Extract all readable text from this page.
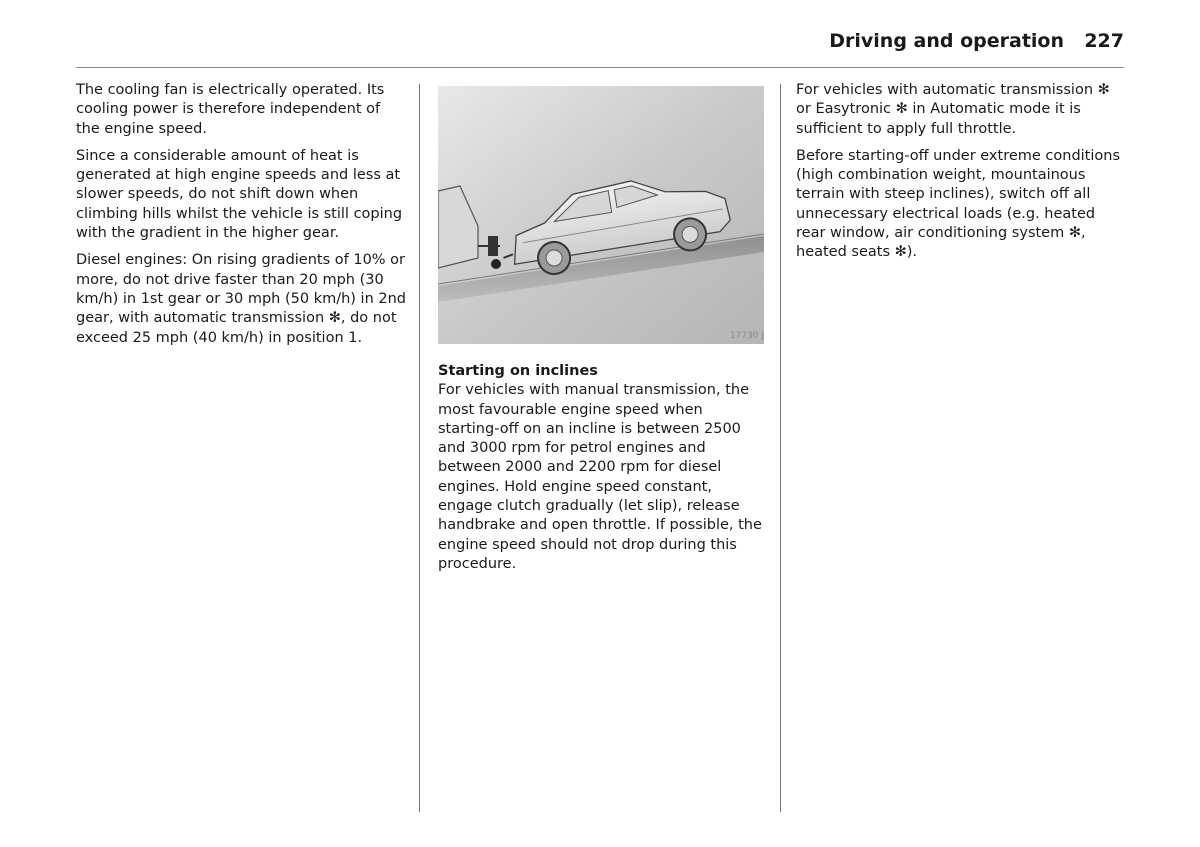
Driving and operation 227

The cooling fan is electrically operated. Its cooling power is therefore independent of the engine speed.

Since a considerable amount of heat is generated at high engine speeds and less at slower speeds, do not shift down when climbing hills whilst the vehicle is still coping with the gradient in the higher gear.

Diesel engines: On rising gradients of 10% or more, do not drive faster than 20 mph (30 km/h) in 1st gear or 30 mph (50 km/h) in 2nd gear, with automatic transmission ✻, do not exceed 25 mph (40 km/h) in position 1.	17730 J
Starting on inclines

For vehicles with manual transmission, the most favourable engine speed when starting-off on an incline is between 2500 and 3000 rpm for petrol engines and between 2000 and 2200 rpm for diesel engines. Hold engine speed constant, engage clutch gradually (let slip), release handbrake and open throttle. If possible, the engine speed should not drop during this procedure.

For vehicles with automatic transmission ✻ or Easytronic ✻ in Automatic mode it is sufficient to apply full throttle.

Before starting-off under extreme conditions (high combination weight, mountainous terrain with steep inclines), switch off all unnecessary electrical loads (e.g. heated rear window, air conditioning system ✻, heated seats ✻).
